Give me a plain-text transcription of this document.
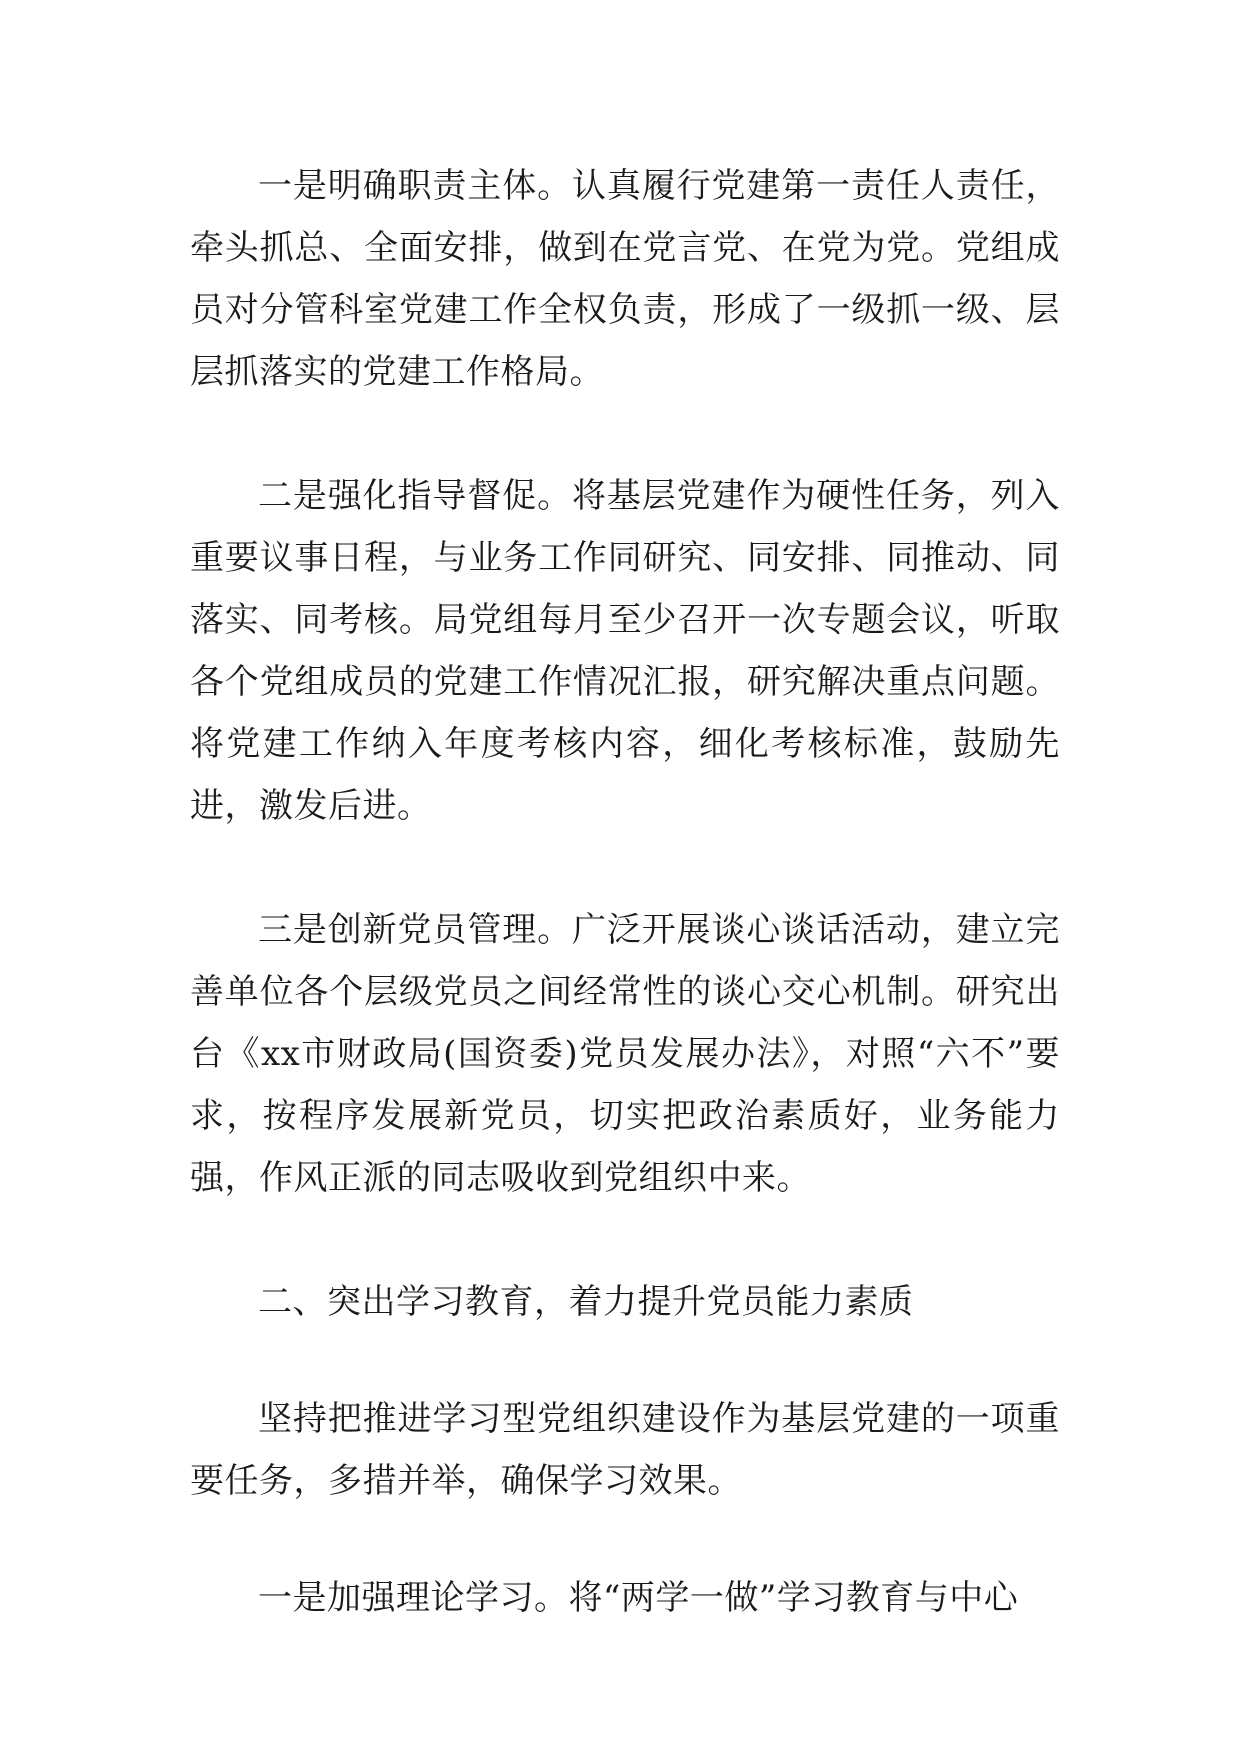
一是明确职责主体。认真履行党建第一责任人责任，牵头抓总、全面安排，做到在党言党、在党为党。党组成员对分管科室党建工作全权负责，形成了一级抓一级、层层抓落实的党建工作格局。

二是强化指导督促。将基层党建作为硬性任务，列入重要议事日程，与业务工作同研究、同安排、同推动、同落实、同考核。局党组每月至少召开一次专题会议，听取各个党组成员的党建工作情况汇报，研究解决重点问题。将党建工作纳入年度考核内容，细化考核标准，鼓励先进，激发后进。

三是创新党员管理。广泛开展谈心谈话活动，建立完善单位各个层级党员之间经常性的谈心交心机制。研究出台《xx市财政局(国资委)党员发展办法》，对照“六不”要求，按程序发展新党员，切实把政治素质好，业务能力强，作风正派的同志吸收到党组织中来。

二、突出学习教育，着力提升党员能力素质

坚持把推进学习型党组织建设作为基层党建的一项重要任务，多措并举，确保学习效果。

一是加强理论学习。将“两学一做”学习教育与中心
